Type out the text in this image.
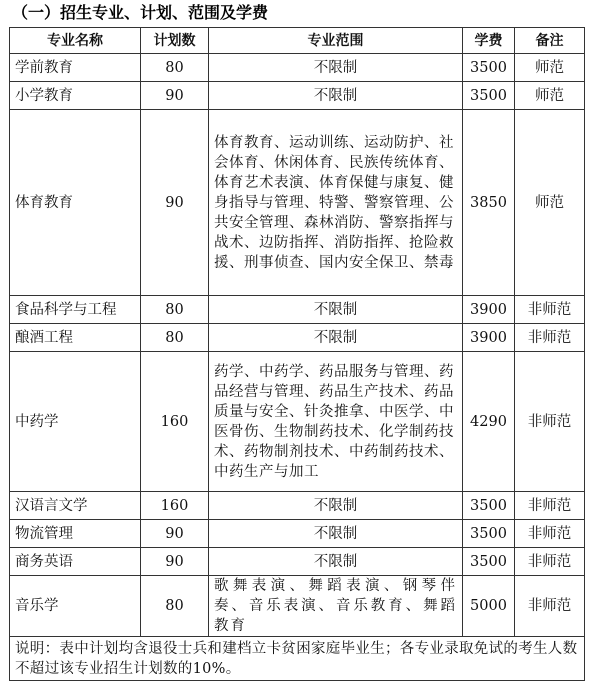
（一）招生专业、计划、范围及学费
专业名称	计划数	专业范围	学费	备注
学前教育	80	不限制	3500	师范
小学教育	90	不限制	3500	师范
体育教育	90	体育教育、运动训练、运动防护、社会体育、休闲体育、民族传统体育、体育艺术表演、体育保健与康复、健身指导与管理、特警、警察管理、公共安全管理、森林消防、警察指挥与战术、边防指挥、消防指挥、抢险救援、刑事侦查、国内安全保卫、禁毒	3850	师范
食品科学与工程	80	不限制	3900	非师范
酿酒工程	80	不限制	3900	非师范
中药学	160	药学、中药学、药品服务与管理、药品经营与管理、药品生产技术、药品质量与安全、针灸推拿、中医学、中医骨伤、生物制药技术、化学制药技术、药物制剂技术、中药制药技术、中药生产与加工	4290	非师范
汉语言文学	160	不限制	3500	非师范
物流管理	90	不限制	3500	非师范
商务英语	90	不限制	3500	非师范
音乐学	80	歌舞表演、舞蹈表演、钢琴伴奏、音乐表演、音乐教育、舞蹈教育	5000	非师范
说明：表中计划均含退役士兵和建档立卡贫困家庭毕业生；各专业录取免试的考生人数不超过该专业招生计划数的10%。				
